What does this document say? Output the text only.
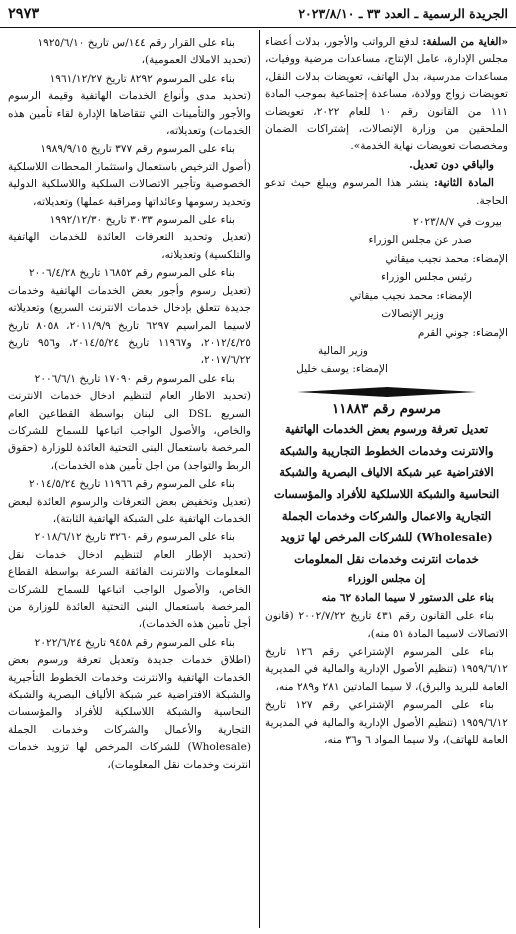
الجريدة الرسمية ـ العدد ٣٣ ـ ٢٠٢٣/٨/١٠
٢٩٧٣

«الغاية من السلفة: لدفع الرواتب والأجور، بدلات أعضاء مجلس الإدارة، عامل الإنتاج، مساعدات مرضية ووفيات، مساعدات مدرسية، بدل الهاتف، تعويضات بدلات النقل، تعويضات زواج وولادة، مساعدة إجتماعية بموجب المادة ١١١ من القانون رقم ١٠ للعام ٢٠٢٢، تعويضات الملحقين من وزارة الإتصالات، إشتراكات الضمان ومخصصات تعويضات نهاية الخدمة».

والباقي دون تعديل.

المادة الثانية: ينشر هذا المرسوم ويبلغ حيث تدعو الحاجة.

بيروت في ٢٠٢٣/٨/٧

صدر عن مجلس الوزراء

الإمضاء: محمد نجيب ميقاتي

رئيس مجلس الوزراء

الإمضاء: محمد نجيب ميقاتي

وزير الإتصالات

الإمضاء: جوني القرم

وزير المالية

الإمضاء: يوسف خليل

مرسوم رقم ١١٨٨٣

تعديل تعرفة ورسوم بعض الخدمات الهاتفية والانترنت وخدمات الخطوط التجاريبة والشبكة الافتراضية عبر شبكة الالياف البصرية والشبكة النحاسية والشبكة اللاسلكية للأفراد والمؤسسات التجارية والاعمال والشركات وخدمات الجملة (Wholesale) للشركات المرخص لها تزويد خدمات انترنت وخدمات نقل المعلومات

إن مجلس الوزراء

بناء على الدستور لا سيما المادة ٦٢ منه

بناء على القانون رقم ٤٣١ تاريخ ٢٠٠٢/٧/٢٢ (قانون الاتصالات لاسيما المادة ٥١ منه)،

بناء على المرسوم الإشتراعي رقم ١٢٦ تاريخ ١٩٥٩/٦/١٢ (تنظيم الأصول الإدارية والمالية في المديرية العامة للبريد والبرق)، لا سيما المادتين ٢٨١ و٢٨٩ منه،

بناء على المرسوم الإشتراعي رقم ١٢٧ تاريخ ١٩٥٩/٦/١٢ (تنظيم الأصول الإدارية والمالية في المديرية العامة للهاتف)، ولا سيما المواد ٦ و٣٦ منه،

بناء على القرار رقم ١٤٤/س تاريخ ١٩٢٥/٦/١٠

(تحديد الاملاك العمومية)،

بناء على المرسوم ٨٢٩٢ تاريخ ١٩٦١/١٢/٢٧

(تحديد مدى وأنواع الخدمات الهاتفية وقيمة الرسوم والأجور والتأمينات التي تتقاضاها الإدارة لقاء تأمين هذه الخدمات) وتعديلاته،

بناء على المرسوم رقم ٣٧٧ تاريخ ١٩٨٩/٩/١٥

(أصول الترخيص باستعمال واستثمار المحطات اللاسلكية الخصوصية وتأجير الاتصالات السلكية واللاسلكية الدولية وتحديد رسومها وعائداتها ومراقبة عملها) وتعديلاته،

بناء على المرسوم ٣٠٣٣ تاريخ ١٩٩٢/١٢/٣٠

(تعديل وتحديد التعرفات العائدة للخدمات الهاتفية والتلكسية) وتعديلاته،

بناء على المرسوم رقم ١٦٨٥٢ تاريخ ٢٠٠٦/٤/٢٨

(تعديل رسوم وأجور بعض الخدمات الهاتفية وخدمات جديدة تتعلق بإدخال خدمات الانترنت السريع) وتعديلاته لاسيما المراسيم ٦٢٩٧ تاريخ ٢٠١١/٩/٩، ٨٠٥٨ تاريخ ٢٠١٢/٤/٢٥، و١١٩٦٧ تاريخ ٢٠١٤/٥/٢٤، و٩٥٦ تاريخ ٢٠١٧/٦/٢٢،

بناء على المرسوم رقم ١٧٠٩٠ تاريخ ٢٠٠٦/٦/١

(تحديد الاطار العام لتنظيم ادخال خدمات الانترنت السريع DSL الى لبنان بواسطة القطاعين العام والخاص، والأصول الواجب اتباعها للسماح للشركات المرخصة باستعمال البنى التحتية العائدة للوزارة (حقوق الربط والتواجد) من اجل تأمين هذه الخدمات)،

بناء على المرسوم رقم ١١٩٦٦ تاريخ ٢٠١٤/٥/٢٤

(تعديل وتخفيض بعض التعرفات والرسوم العائدة لبعض الخدمات الهاتفية على الشبكة الهاتفية الثابتة)،

بناء على المرسوم رقم ٣٢٦٠ تاريخ ٢٠١٨/٦/١٢

(تحديد الإطار العام لتنظيم ادخال خدمات نقل المعلومات والانترنت الفائقة السرعة بواسطة القطاع الخاص، والأصول الواجب اتباعها للسماح للشركات المرخصة باستعمال البنى التحتية العائدة للوزارة من أجل تأمين هذه الخدمات)،

بناء على المرسوم رقم ٩٤٥٨ تاريخ ٢٠٢٢/٦/٢٤

(اطلاق خدمات جديدة وتعديل تعرفة ورسوم بعض الخدمات الهاتفية والانترنت وخدمات الخطوط التأجيرية والشبكة الافتراضية عبر شبكة الألياف البصرية والشبكة النحاسية والشبكة اللاسلكية للأفراد والمؤسسات التجارية والأعمال والشركات وخدمات الجملة (Wholesale) للشركات المرخص لها تزويد خدمات انترنت وخدمات نقل المعلومات)،
